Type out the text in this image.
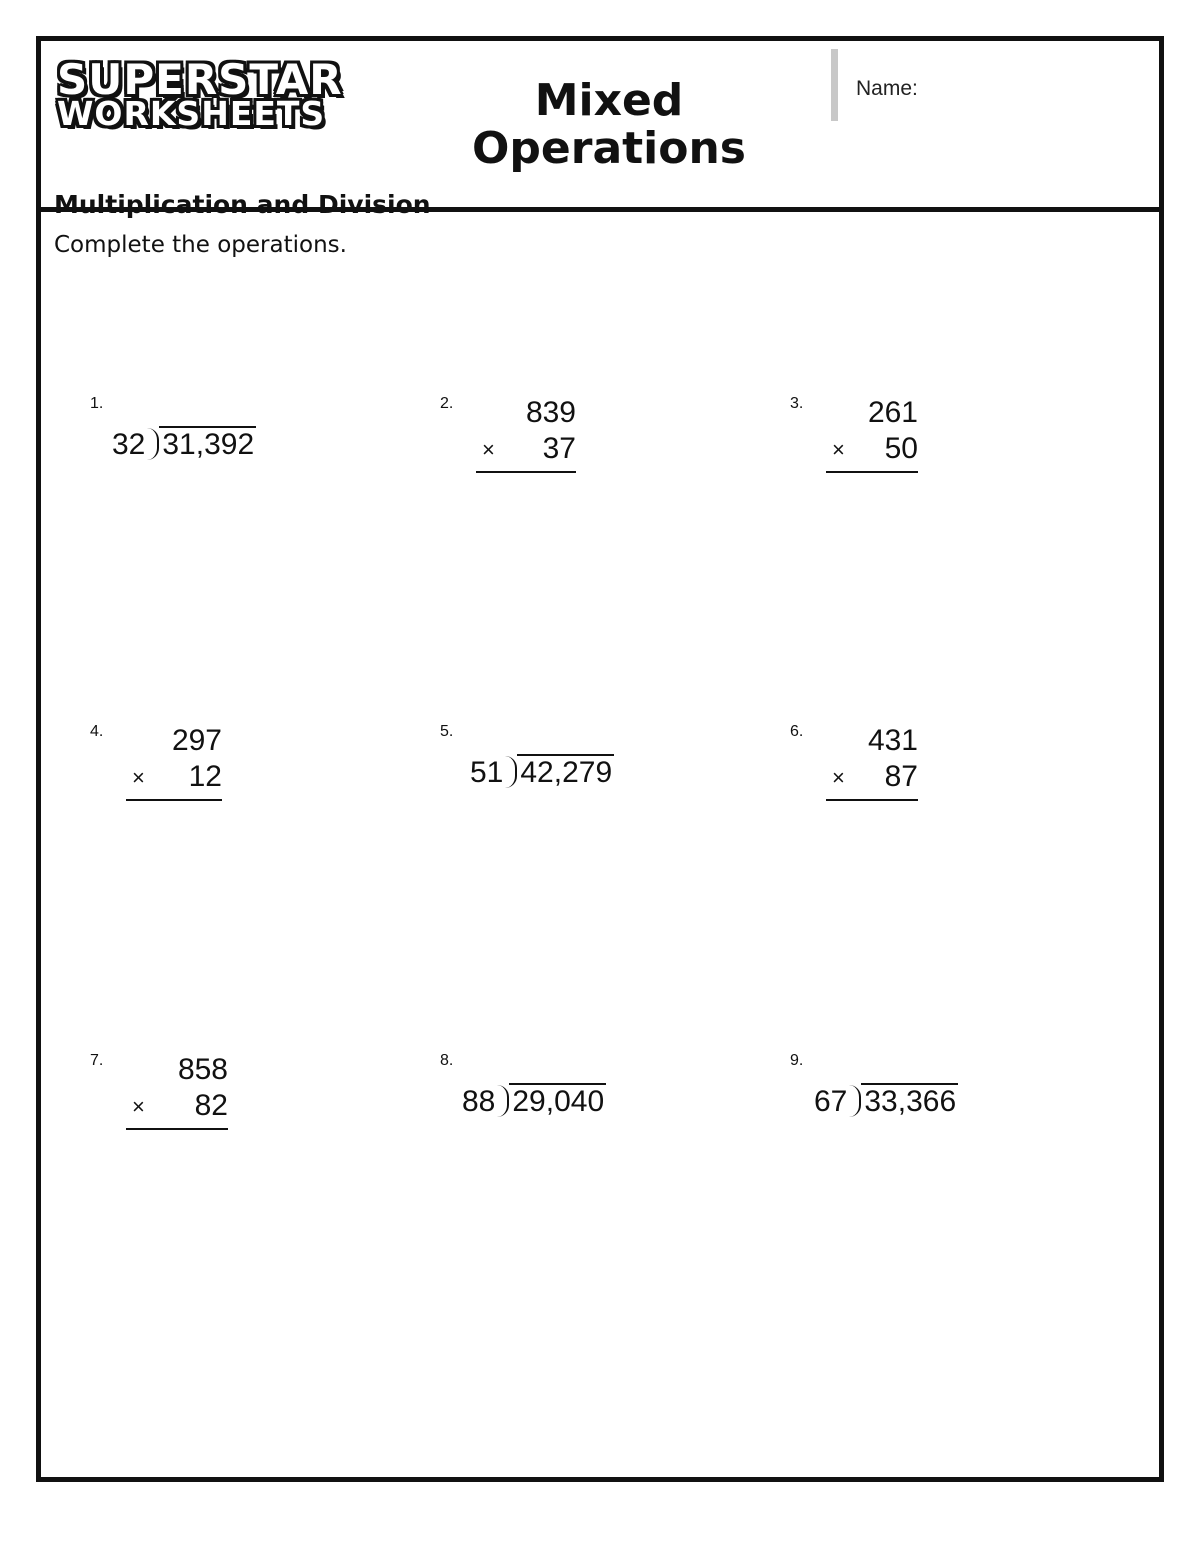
SUPERSTAR
WORKSHEETS	Mixed
Operations
Name:
Multiplication and Division
Complete the operations.
1.
32 31,392
2.	839
× 37
3.	261
× 50
4.	297
× 12
5.
51 42,279
6.	431
× 87
7.	858
× 82
8.
88 29,040
9.
67 33,366
